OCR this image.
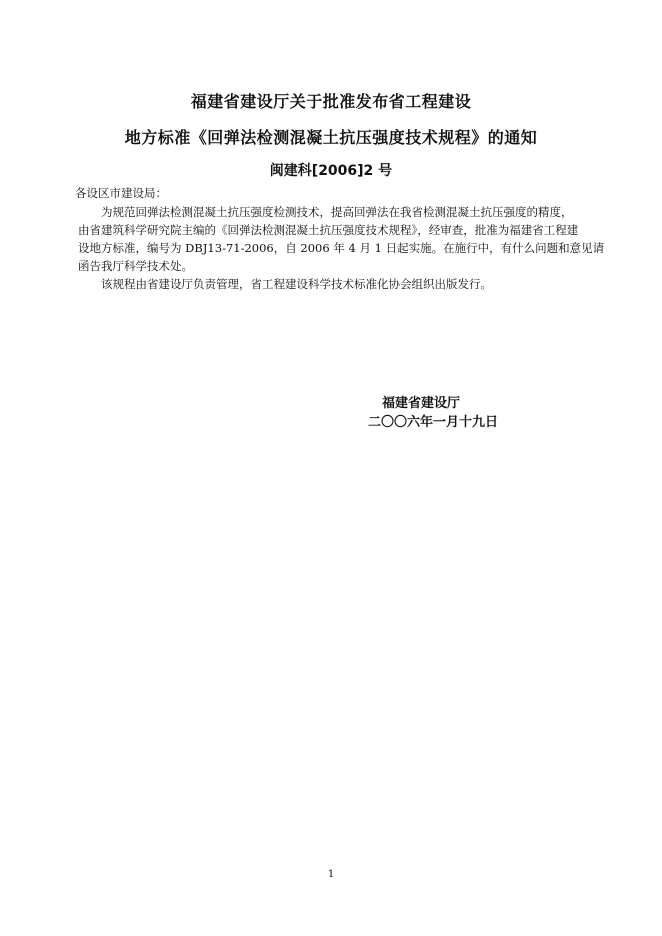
福建省建设厅关于批准发布省工程建设
地方标准《回弹法检测混凝土抗压强度技术规程》的通知
闽建科[2006]2 号
各设区市建设局：
为规范回弹法检测混凝土抗压强度检测技术，提高回弹法在我省检测混凝土抗压强度的精度，
由省建筑科学研究院主编的《回弹法检测混凝土抗压强度技术规程》，经审查，批准为福建省工程建
设地方标准，编号为 DBJ13-71-2006，自 2006 年 4 月 1 日起实施。在施行中，有什么问题和意见请
函告我厅科学技术处。
该规程由省建设厅负责管理，省工程建设科学技术标准化协会组织出版发行。
福建省建设厅
二〇〇六年一月十九日
1
